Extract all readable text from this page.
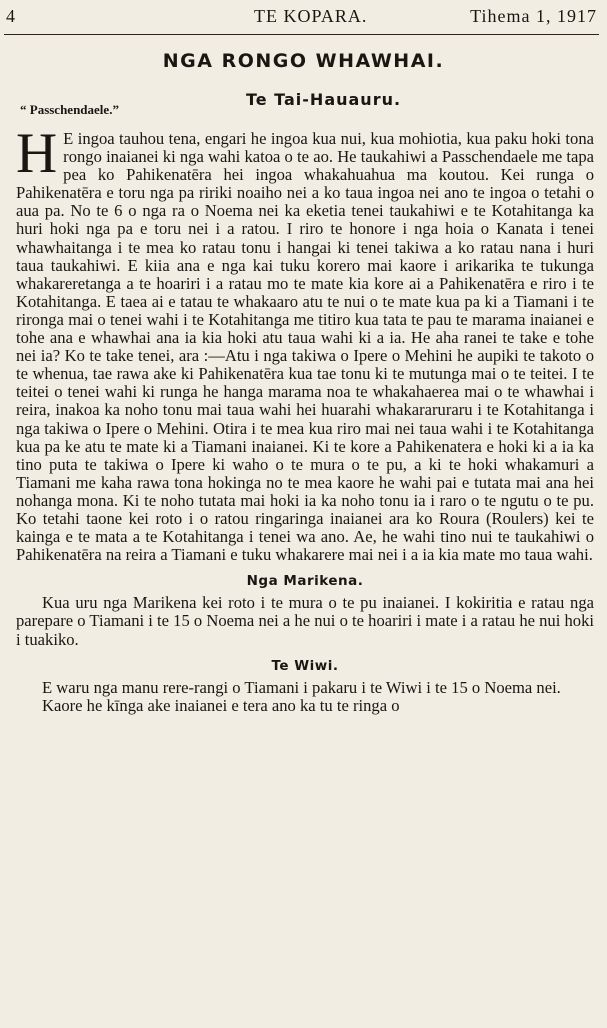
4	TE KOPARA.	Tihema 1, 1917
NGA RONGO WHAWHAI.
Te Tai-Hauauru.
“ Passchendaele.”

H E ingoa tauhou tena, engari he ingoa kua nui, kua mohiotia, kua paku hoki tona rongo inaianei ki nga wahi katoa o te ao. He taukahiwi a Passchendaele me tapa pea ko Pahikenatēra hei ingoa whakahuahua ma koutou. Kei runga o Pahikenatēra e toru nga pa ririki noaiho nei a ko taua ingoa nei ano te ingoa o tetahi o aua pa. No te 6 o nga ra o Noema nei ka eketia tenei taukahiwi e te Kotahitanga ka huri hoki nga pa e toru nei i a ratou. I riro te honore i nga hoia o Kanata i tenei whawhaitanga i te mea ko ratau tonu i hangai ki tenei takiwa a ko ratau nana i huri taua taukahiwi. E kiia ana e nga kai tuku korero mai kaore i arikarika te tukunga whakareretanga a te hoariri i a ratau mo te mate kia kore ai a Pahikenatēra e riro i te Kotahitanga. E taea ai e tatau te whakaaro atu te nui o te mate kua pa ki a Tiamani i te rironga mai o tenei wahi i te Kotahitanga me titiro kua tata te pau te marama inaianei e tohe ana e whawhai ana ia kia hoki atu taua wahi ki a ia. He aha ranei te take e tohe nei ia? Ko te take tenei, ara :—Atu i nga takiwa o Ipere o Mehini he aupiki te takoto o te whenua, tae rawa ake ki Pahikenatēra kua tae tonu ki te mutunga mai o te teitei. I te teitei o tenei wahi ki runga he hanga marama noa te whakahaerea mai o te whawhai i reira, inakoa ka noho tonu mai taua wahi hei huarahi whakararuraru i te Kotahitanga i nga takiwa o Ipere o Mehini. Otira i te mea kua riro mai nei taua wahi i te Kotahitanga kua pa ke atu te mate ki a Tiamani inaianei. Ki te kore a Pahikenatera e hoki ki a ia ka tino puta te takiwa o Ipere ki waho o te mura o te pu, a ki te hoki whakamuri a Tiamani me kaha rawa tona hokinga no te mea kaore he wahi pai e tutata mai ana hei nohanga mona. Ki te noho tutata mai hoki ia ka noho tonu ia i raro o te ngutu o te pu. Ko tetahi taone kei roto i o ratou ringaringa inaianei ara ko Roura (Roulers) kei te kainga e te mata a te Kotahitanga i tenei wa ano. Ae, he wahi tino nui te taukahiwi o Pahikenatēra na reira a Tiamani e tuku whakarere mai nei i a ia kia mate mo taua wahi.

Nga Marikena.

Kua uru nga Marikena kei roto i te mura o te pu inaianei. I kokiritia e ratau nga parepare o Tiamani i te 15 o Noema nei a he nui o te hoariri i mate i a ratau he nui hoki i tuakiko.

Te Wiwi.

E waru nga manu rere-rangi o Tiamani i pakaru i te Wiwi i te 15 o Noema nei.

Kaore he kīnga ake inaianei e tera ano ka tu te ringa o
